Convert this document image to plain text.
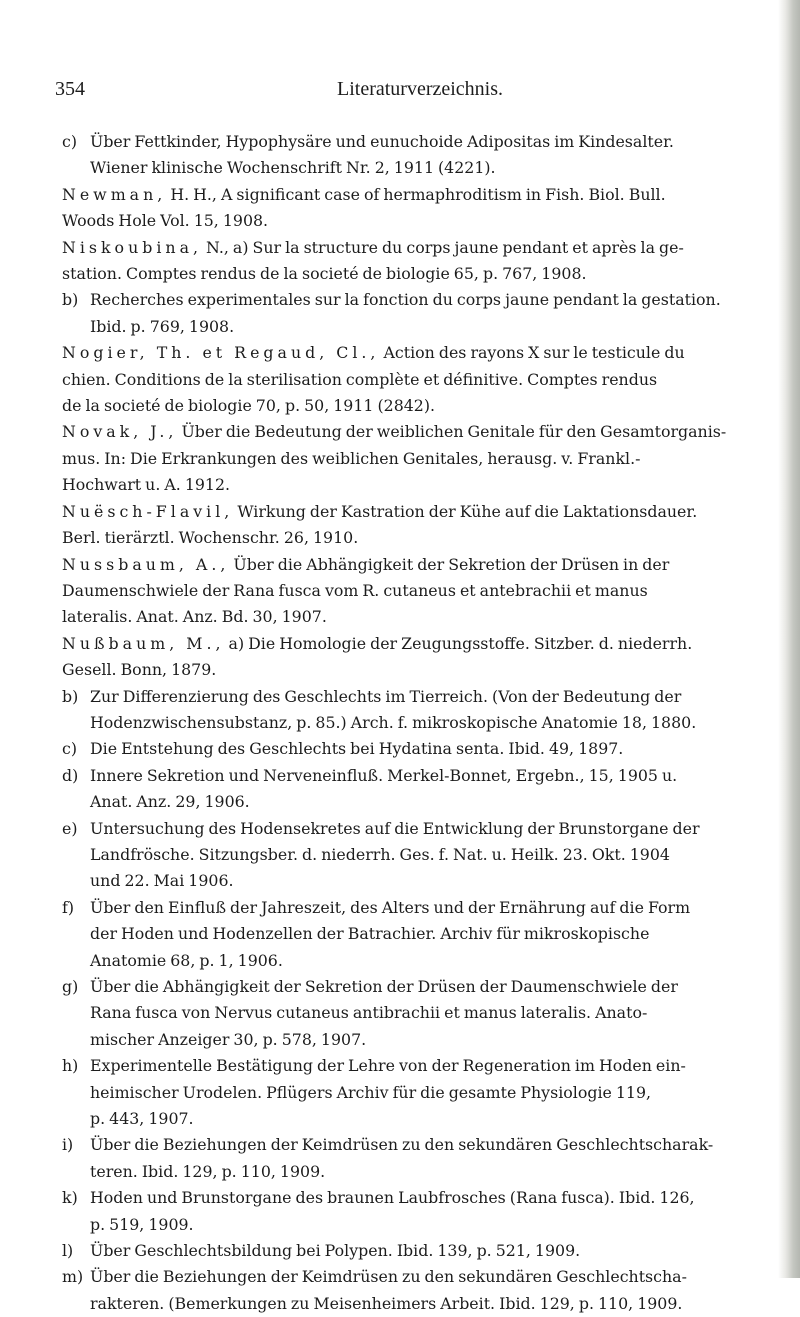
354	Literaturverzeichnis.
c) Über Fettkinder, Hypophysäre und eunuchoide Adipositas im Kindesalter.
Wiener klinische Wochenschrift Nr. 2, 1911 (4221).
Newman, H. H., A significant case of hermaphroditism in Fish. Biol. Bull.
Woods Hole Vol. 15, 1908.
Niskoubina, N., a) Sur la structure du corps jaune pendant et après la ge-
station. Comptes rendus de la societé de biologie 65, p. 767, 1908.
b) Recherches experimentales sur la fonction du corps jaune pendant la gestation.
Ibid. p. 769, 1908.
Nogier, Th. et Regaud, Cl., Action des rayons X sur le testicule du
chien. Conditions de la sterilisation complète et définitive. Comptes rendus
de la societé de biologie 70, p. 50, 1911 (2842).
Novak, J., Über die Bedeutung der weiblichen Genitale für den Gesamtorganis-
mus. In: Die Erkrankungen des weiblichen Genitales, herausg. v. Frankl.-
Hochwart u. A. 1912.
Nuësch-Flavil, Wirkung der Kastration der Kühe auf die Laktationsdauer.
Berl. tierärztl. Wochenschr. 26, 1910.
Nussbaum, A., Über die Abhängigkeit der Sekretion der Drüsen in der
Daumenschwiele der Rana fusca vom R. cutaneus et antebrachii et manus
lateralis. Anat. Anz. Bd. 30, 1907.
Nußbaum, M., a) Die Homologie der Zeugungsstoffe. Sitzber. d. niederrh.
Gesell. Bonn, 1879.
b) Zur Differenzierung des Geschlechts im Tierreich. (Von der Bedeutung der
Hodenzwischensubstanz, p. 85.) Arch. f. mikroskopische Anatomie 18, 1880.
c) Die Entstehung des Geschlechts bei Hydatina senta. Ibid. 49, 1897.
d) Innere Sekretion und Nerveneinfluß. Merkel-Bonnet, Ergebn., 15, 1905 u.
Anat. Anz. 29, 1906.
e) Untersuchung des Hodensekretes auf die Entwicklung der Brunstorgane der
Landfrösche. Sitzungsber. d. niederrh. Ges. f. Nat. u. Heilk. 23. Okt. 1904
und 22. Mai 1906.
f) Über den Einfluß der Jahreszeit, des Alters und der Ernährung auf die Form
der Hoden und Hodenzellen der Batrachier. Archiv für mikroskopische
Anatomie 68, p. 1, 1906.
g) Über die Abhängigkeit der Sekretion der Drüsen der Daumenschwiele der
Rana fusca von Nervus cutaneus antibrachii et manus lateralis. Anato-
mischer Anzeiger 30, p. 578, 1907.
h) Experimentelle Bestätigung der Lehre von der Regeneration im Hoden ein-
heimischer Urodelen. Pflügers Archiv für die gesamte Physiologie 119,
p. 443, 1907.
i) Über die Beziehungen der Keimdrüsen zu den sekundären Geschlechtscharak-
teren. Ibid. 129, p. 110, 1909.
k) Hoden und Brunstorgane des braunen Laubfrosches (Rana fusca). Ibid. 126,
p. 519, 1909.
l) Über Geschlechtsbildung bei Polypen. Ibid. 139, p. 521, 1909.
m) Über die Beziehungen der Keimdrüsen zu den sekundären Geschlechtscha-
rakteren. (Bemerkungen zu Meisenheimers Arbeit. Ibid. 129, p. 110, 1909.
